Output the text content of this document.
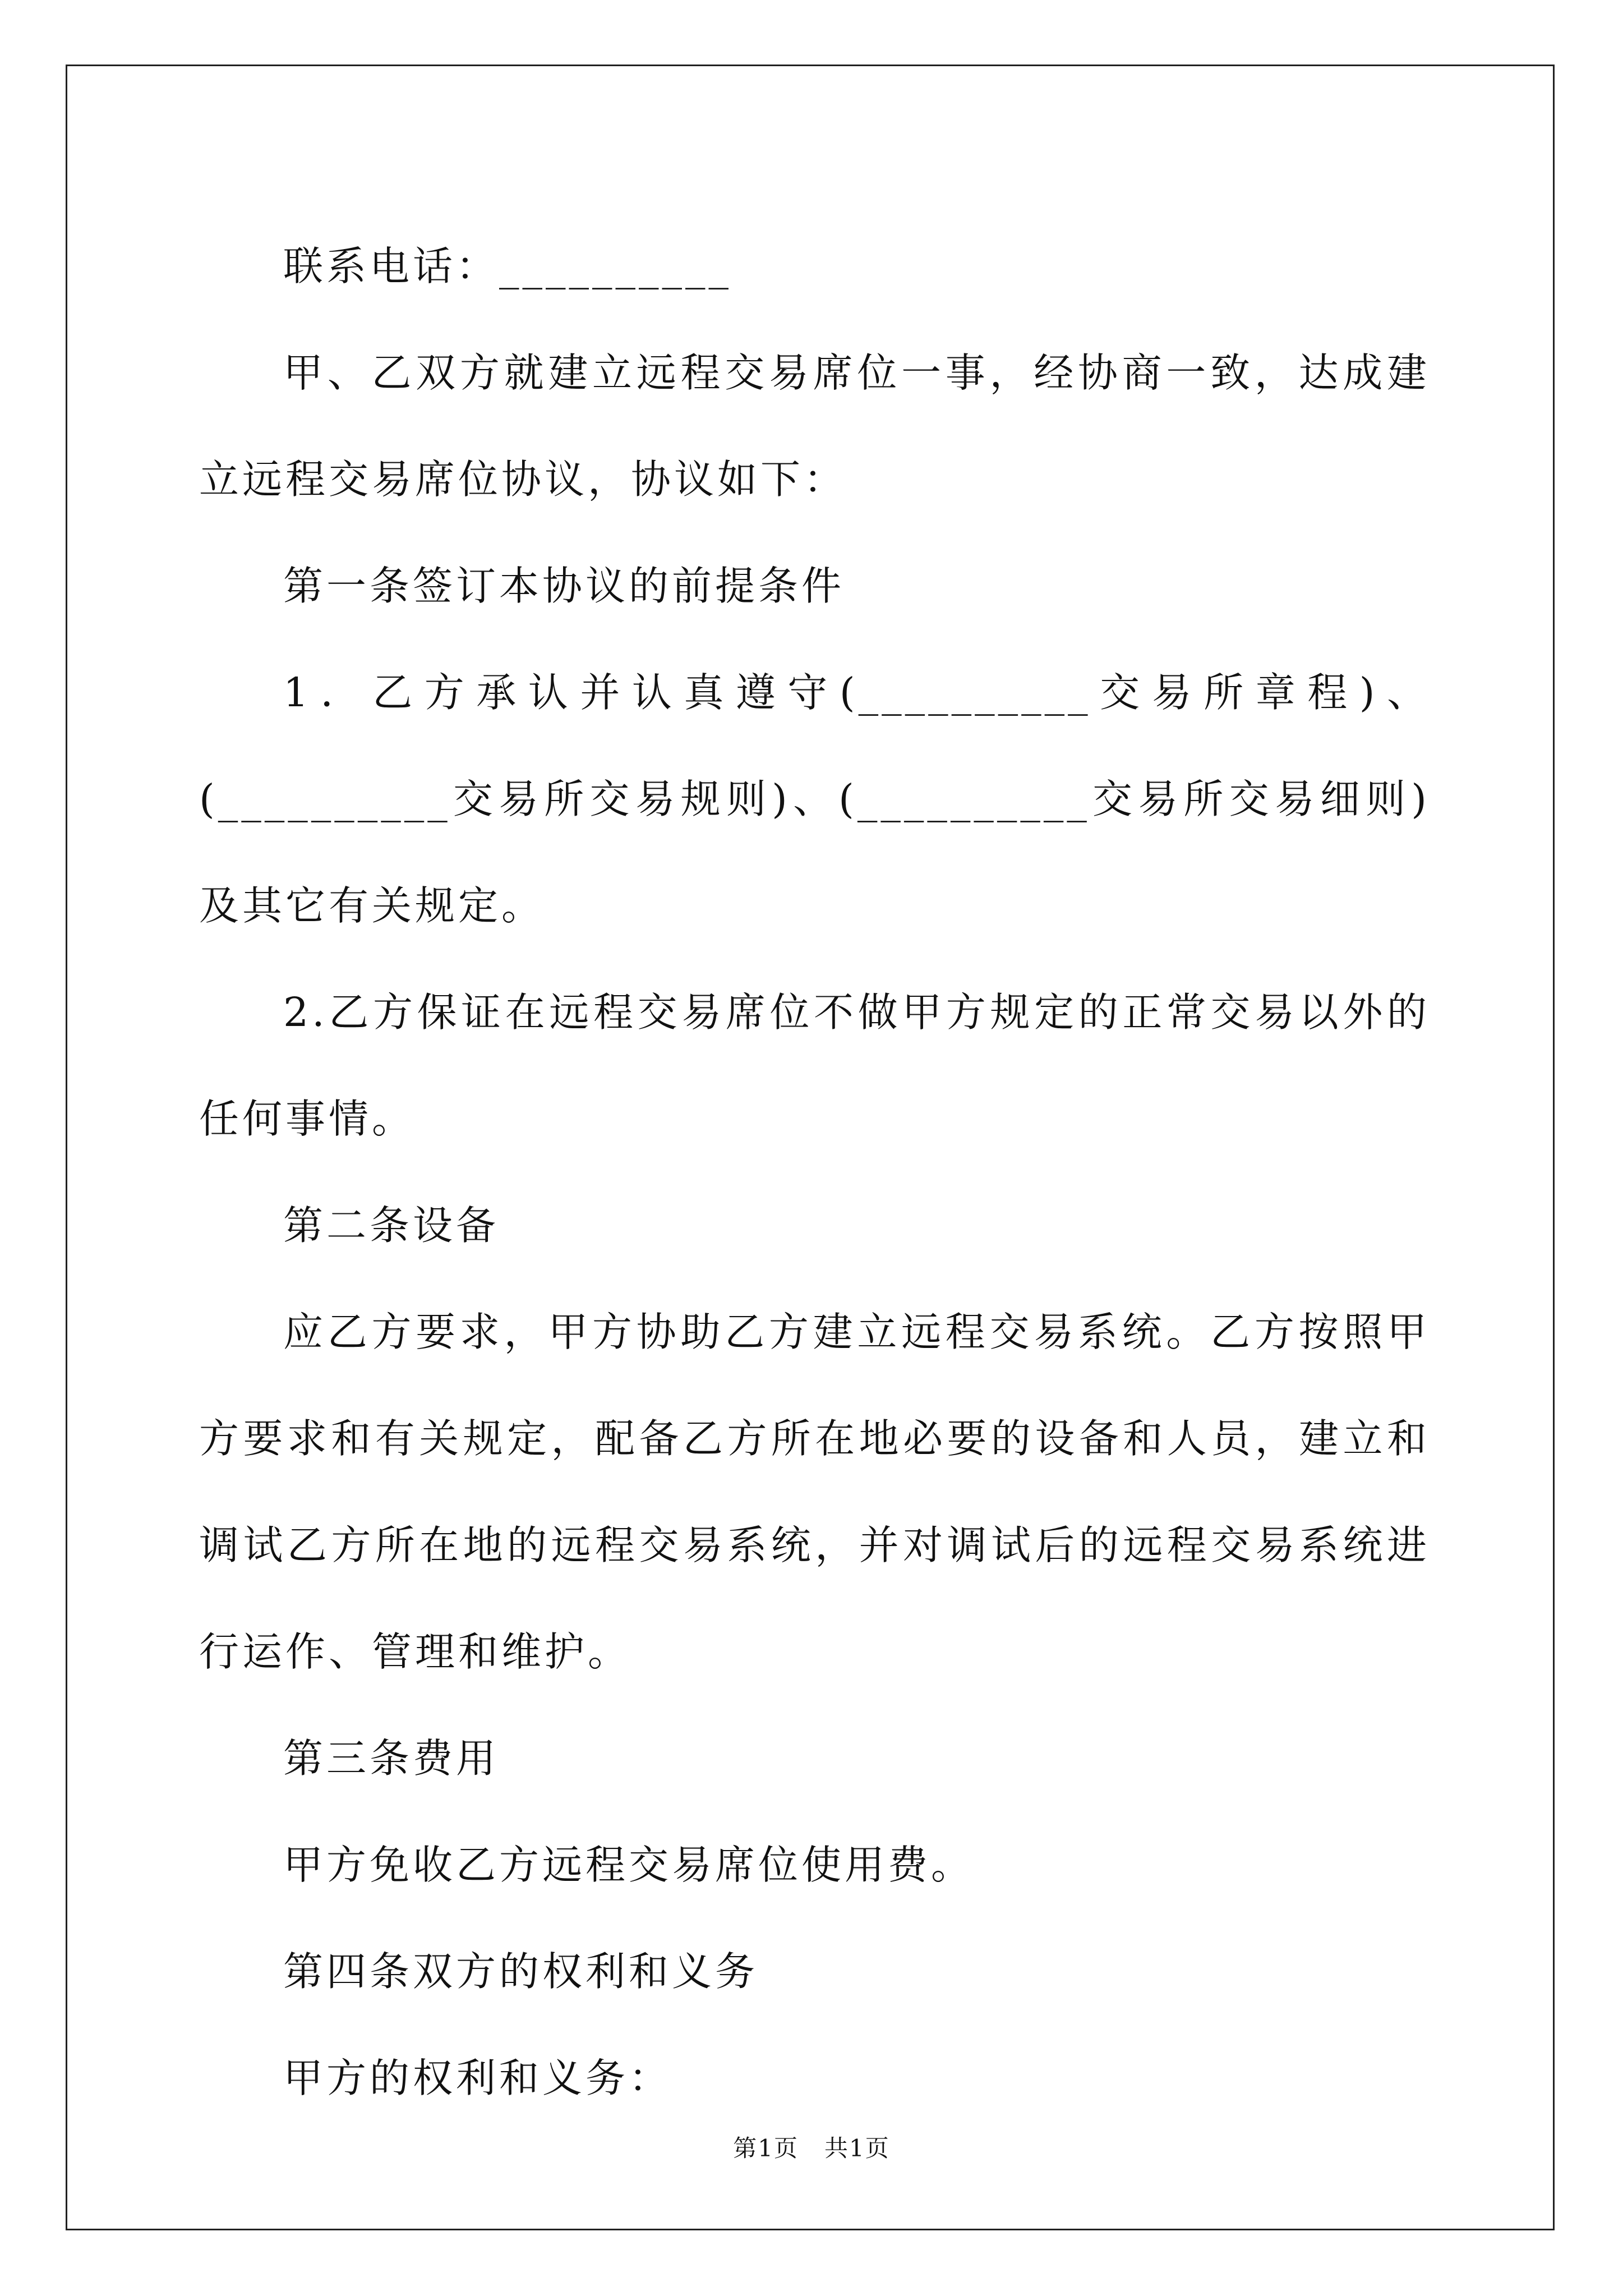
联系电话：__________

甲、乙双方就建立远程交易席位一事，经协商一致，达成建立远程交易席位协议，协议如下：

第一条签订本协议的前提条件

1．乙方承认并认真遵守(__________交易所章程)、(__________交易所交易规则)、(__________交易所交易细则)及其它有关规定。

2.乙方保证在远程交易席位不做甲方规定的正常交易以外的任何事情。

第二条设备

应乙方要求，甲方协助乙方建立远程交易系统。乙方按照甲方要求和有关规定，配备乙方所在地必要的设备和人员，建立和调试乙方所在地的远程交易系统，并对调试后的远程交易系统进行运作、管理和维护。

第三条费用

甲方免收乙方远程交易席位使用费。

第四条双方的权利和义务

甲方的权利和义务：

第1页 共1页
